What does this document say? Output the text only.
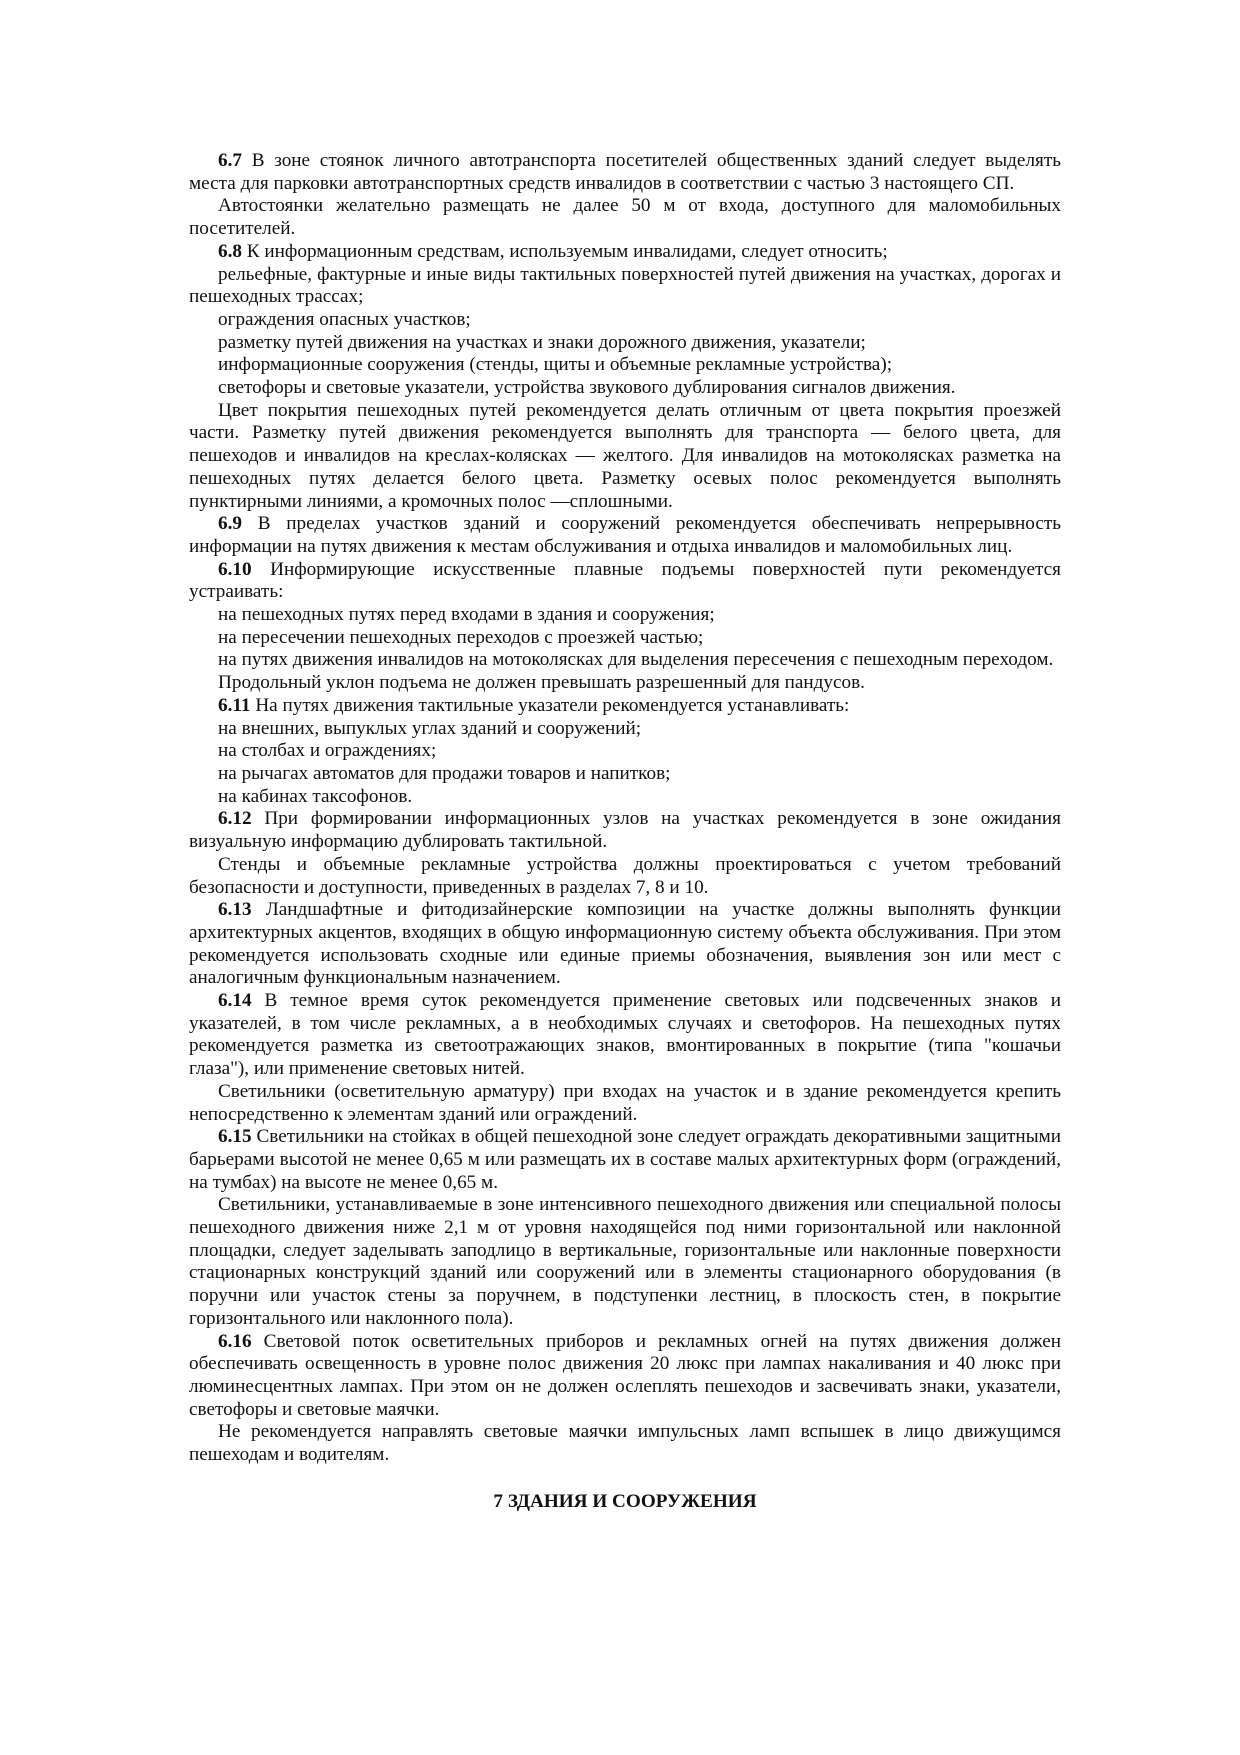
6.7 В зоне стоянок личного автотранспорта посетителей общественных зданий следует выделять места для парковки автотранспортных средств инвалидов в соответствии с частью 3 настоящего СП.

Автостоянки желательно размещать не далее 50 м от входа, доступного для маломобильных посетителей.

6.8 К информационным средствам, используемым инвалидами, следует относить;

рельефные, фактурные и иные виды тактильных поверхностей путей движения на участках, дорогах и пешеходных трассах;

ограждения опасных участков;

разметку путей движения на участках и знаки дорожного движения, указатели;

информационные сооружения (стенды, щиты и объемные рекламные устройства);

светофоры и световые указатели, устройства звукового дублирования сигналов движения.

Цвет покрытия пешеходных путей рекомендуется делать отличным от цвета покрытия проезжей части. Разметку путей движения рекомендуется выполнять для транспорта — белого цвета, для пешеходов и инвалидов на креслах-колясках — желтого. Для инвалидов на мотоколясках разметка на пешеходных путях делается белого цвета. Разметку осевых полос рекомендуется выполнять пунктирными линиями, а кромочных полос —сплошными.

6.9 В пределах участков зданий и сооружений рекомендуется обеспечивать непрерывность информации на путях движения к местам обслуживания и отдыха инвалидов и маломобильных лиц.

6.10 Информирующие искусственные плавные подъемы поверхностей пути рекомендуется устраивать:

на пешеходных путях перед входами в здания и сооружения;

на пересечении пешеходных переходов с проезжей частью;

на путях движения инвалидов на мотоколясках для выделения пересечения с пешеходным переходом.

Продольный уклон подъема не должен превышать разрешенный для пандусов.

6.11 На путях движения тактильные указатели рекомендуется устанавливать:

на внешних, выпуклых углах зданий и сооружений;

на столбах и ограждениях;

на рычагах автоматов для продажи товаров и напитков;

на кабинах таксофонов.

6.12 При формировании информационных узлов на участках рекомендуется в зоне ожидания визуальную информацию дублировать тактильной.

Стенды и объемные рекламные устройства должны проектироваться с учетом требований безопасности и доступности, приведенных в разделах 7, 8 и 10.

6.13 Ландшафтные и фитодизайнерские композиции на участке должны выполнять функции архитектурных акцентов, входящих в общую информационную систему объекта обслуживания. При этом рекомендуется использовать сходные или единые приемы обозначения, выявления зон или мест с аналогичным функциональным назначением.

6.14 В темное время суток рекомендуется применение световых или подсвеченных знаков и указателей, в том числе рекламных, а в необходимых случаях и светофоров. На пешеходных путях рекомендуется разметка из светоотражающих знаков, вмонтированных в покрытие (типа "кошачьи глаза"), или применение световых нитей.

Светильники (осветительную арматуру) при входах на участок и в здание рекомендуется крепить непосредственно к элементам зданий или ограждений.

6.15 Светильники на стойках в общей пешеходной зоне следует ограждать декоративными защитными барьерами высотой не менее 0,65 м или размещать их в составе малых архитектурных форм (ограждений, на тумбах) на высоте не менее 0,65 м.

Светильники, устанавливаемые в зоне интенсивного пешеходного движения или специальной полосы пешеходного движения ниже 2,1 м от уровня находящейся под ними горизонтальной или наклонной площадки, следует заделывать заподлицо в вертикальные, горизонтальные или наклонные поверхности стационарных конструкций зданий или сооружений или в элементы стационарного оборудования (в поручни или участок стены за поручнем, в подступенки лестниц, в плоскость стен, в покрытие горизонтального или наклонного пола).

6.16 Световой поток осветительных приборов и рекламных огней на путях движения должен обеспечивать освещенность в уровне полос движения 20 люкс при лампах накаливания и 40 люкс при люминесцентных лампах. При этом он не должен ослеплять пешеходов и засвечивать знаки, указатели, светофоры и световые маячки.

Не рекомендуется направлять световые маячки импульсных ламп вспышек в лицо движущимся пешеходам и водителям.

7 ЗДАНИЯ И СООРУЖЕНИЯ
